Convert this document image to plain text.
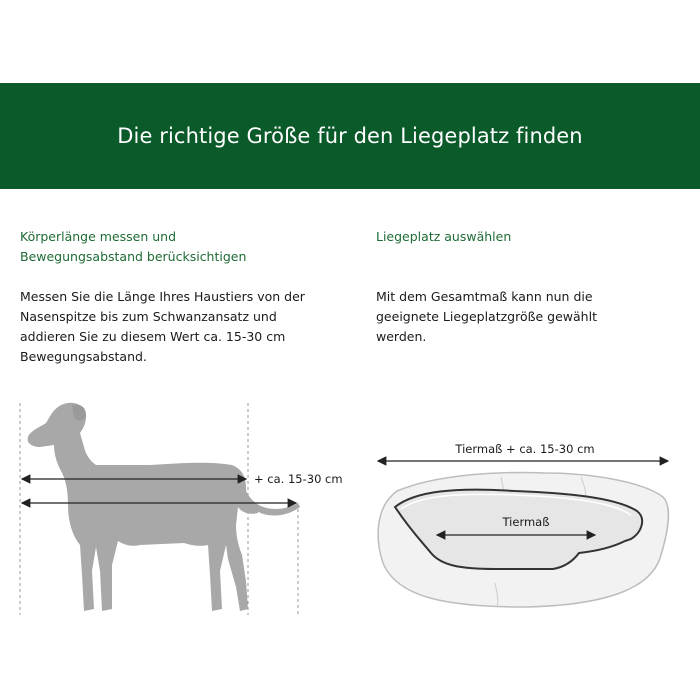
Die richtige Größe für den Liegeplatz finden
Körperlänge messen und
Bewegungsabstand berücksichtigen
Messen Sie die Länge Ihres Haustiers von der
Nasenspitze bis zum Schwanzansatz und
addieren Sie zu diesem Wert ca. 15-30 cm
Bewegungsabstand.
Liegeplatz auswählen

Mit dem Gesamtmaß kann nun die
geeignete Liegeplatzgröße gewählt
werden.
+ ca. 15-30 cm
Tiermaß + ca. 15-30 cm
Tiermaß
